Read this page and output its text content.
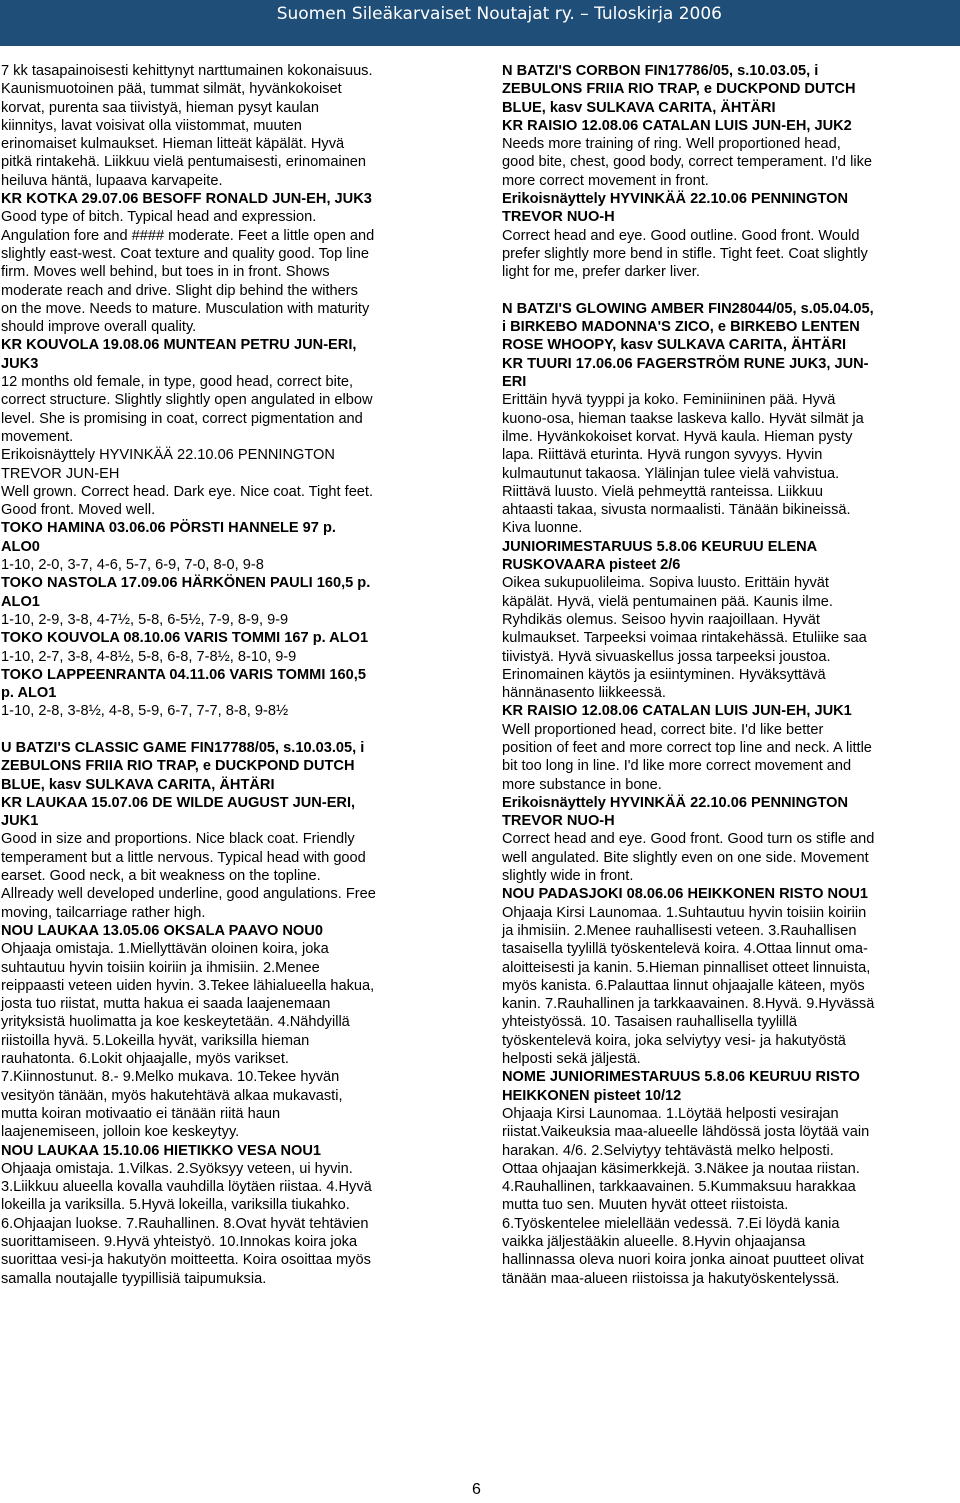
Suomen Sileäkarvaiset Noutajat ry. – Tuloskirja 2006

7 kk tasapainoisesti kehittynyt narttumainen kokonaisuus.

Kaunismuotoinen pää, tummat silmät, hyvänkokoiset

korvat, purenta saa tiivistyä, hieman pysyt kaulan

kiinnitys, lavat voisivat olla viistommat, muuten

erinomaiset kulmaukset. Hieman litteät käpälät. Hyvä

pitkä rintakehä. Liikkuu vielä pentumaisesti, erinomainen

heiluva häntä, lupaava karvapeite.

KR KOTKA 29.07.06 BESOFF RONALD JUN-EH, JUK3

Good type of bitch. Typical head and expression.

Angulation fore and #### moderate. Feet a little open and

slightly east-west. Coat texture and quality good. Top line

firm. Moves well behind, but toes in in front. Shows

moderate reach and drive. Slight dip behind the withers

on the move. Needs to mature. Musculation with maturity

should improve overall quality.

KR KOUVOLA 19.08.06 MUNTEAN PETRU JUN-ERI,

JUK3

12 months old female, in type, good head, correct bite,

correct structure. Slightly slightly open angulated in elbow

level. She is promising in coat, correct pigmentation and

movement.

Erikoisnäyttely HYVINKÄÄ 22.10.06 PENNINGTON

TREVOR JUN-EH

Well grown. Correct head. Dark eye. Nice coat. Tight feet.

Good front. Moved well.

TOKO HAMINA 03.06.06 PÖRSTI HANNELE 97 p.

ALO0

1-10, 2-0, 3-7, 4-6, 5-7, 6-9, 7-0, 8-0, 9-8

TOKO NASTOLA 17.09.06 HÄRKÖNEN PAULI 160,5 p.

ALO1

1-10, 2-9, 3-8, 4-7½, 5-8, 6-5½, 7-9, 8-9, 9-9

TOKO KOUVOLA 08.10.06 VARIS TOMMI 167 p. ALO1

1-10, 2-7, 3-8, 4-8½, 5-8, 6-8, 7-8½, 8-10, 9-9

TOKO LAPPEENRANTA 04.11.06 VARIS TOMMI 160,5

p. ALO1

1-10, 2-8, 3-8½, 4-8, 5-9, 6-7, 7-7, 8-8, 9-8½

U BATZI'S CLASSIC GAME FIN17788/05, s.10.03.05, i

ZEBULONS FRIIA RIO TRAP, e DUCKPOND DUTCH

BLUE, kasv SULKAVA CARITA, ÄHTÄRI

KR LAUKAA 15.07.06 DE WILDE AUGUST JUN-ERI,

JUK1

Good in size and proportions. Nice black coat. Friendly

temperament but a little nervous. Typical head with good

earset. Good neck, a bit weakness on the topline.

Allready well developed underline, good angulations. Free

moving, tailcarriage rather high.

NOU LAUKAA 13.05.06 OKSALA PAAVO NOU0

Ohjaaja omistaja. 1.Miellyttävän oloinen koira, joka

suhtautuu hyvin toisiin koiriin ja ihmisiin. 2.Menee

reippaasti veteen uiden hyvin. 3.Tekee lähialueella hakua,

josta tuo riistat, mutta hakua ei saada laajenemaan

yrityksistä huolimatta ja koe keskeytetään. 4.Nähdyillä

riistoilla hyvä. 5.Lokeilla hyvät, variksilla hieman

rauhatonta. 6.Lokit ohjaajalle, myös varikset.

7.Kiinnostunut. 8.- 9.Melko mukava. 10.Tekee hyvän

vesityön tänään, myös hakutehtävä alkaa mukavasti,

mutta koiran motivaatio ei tänään riitä haun

laajenemiseen, jolloin koe keskeytyy.

NOU LAUKAA 15.10.06 HIETIKKO VESA NOU1

Ohjaaja omistaja. 1.Vilkas. 2.Syöksyy veteen, ui hyvin.

3.Liikkuu alueella kovalla vauhdilla löytäen riistaa. 4.Hyvä

lokeilla ja variksilla. 5.Hyvä lokeilla, variksilla tiukahko.

6.Ohjaajan luokse. 7.Rauhallinen. 8.Ovat hyvät tehtävien

suorittamiseen. 9.Hyvä yhteistyö. 10.Innokas koira joka

suorittaa vesi-ja hakutyön moitteetta. Koira osoittaa myös

samalla noutajalle tyypillisiä taipumuksia.

N BATZI'S CORBON FIN17786/05, s.10.03.05, i

ZEBULONS FRIIA RIO TRAP, e DUCKPOND DUTCH

BLUE, kasv SULKAVA CARITA, ÄHTÄRI

KR RAISIO 12.08.06 CATALAN LUIS JUN-EH, JUK2

Needs more training of ring. Well proportioned head,

good bite, chest, good body, correct temperament. I'd like

more correct movement in front.

Erikoisnäyttely HYVINKÄÄ 22.10.06 PENNINGTON

TREVOR NUO-H

Correct head and eye. Good outline. Good front. Would

prefer slightly more bend in stifle. Tight feet. Coat slightly

light for me, prefer darker liver.

N BATZI'S GLOWING AMBER FIN28044/05, s.05.04.05,

i BIRKEBO MADONNA'S ZICO, e BIRKEBO LENTEN

ROSE WHOOPY, kasv SULKAVA CARITA, ÄHTÄRI

KR TUURI 17.06.06 FAGERSTRÖM RUNE JUK3, JUN-

ERI

Erittäin hyvä tyyppi ja koko. Feminiininen pää. Hyvä

kuono-osa, hieman taakse laskeva kallo. Hyvät silmät ja

ilme. Hyvänkokoiset korvat. Hyvä kaula. Hieman pysty

lapa. Riittävä eturinta. Hyvä rungon syvyys. Hyvin

kulmautunut takaosa. Ylälinjan tulee vielä vahvistua.

Riittävä luusto. Vielä pehmeyttä ranteissa. Liikkuu

ahtaasti takaa, sivusta normaalisti. Tänään bikineissä.

Kiva luonne.

JUNIORIMESTARUUS 5.8.06 KEURUU ELENA

RUSKOVAARA pisteet 2/6

Oikea sukupuolileima. Sopiva luusto. Erittäin hyvät

käpälät. Hyvä, vielä pentumainen pää. Kaunis ilme.

Ryhdikäs olemus. Seisoo hyvin raajoillaan. Hyvät

kulmaukset. Tarpeeksi voimaa rintakehässä. Etuliike saa

tiivistyä. Hyvä sivuaskellus jossa tarpeeksi joustoa.

Erinomainen käytös ja esiintyminen. Hyväksyttävä

hännänasento liikkeessä.

KR RAISIO 12.08.06 CATALAN LUIS JUN-EH, JUK1

Well proportioned head, correct bite. I'd like better

position of feet and more correct top line and neck. A little

bit too long in line. I'd like more correct movement and

more substance in bone.

Erikoisnäyttely HYVINKÄÄ 22.10.06 PENNINGTON

TREVOR NUO-H

Correct head and eye. Good front. Good turn os stifle and

well angulated. Bite slightly even on one side. Movement

slightly wide in front.

NOU PADASJOKI 08.06.06 HEIKKONEN RISTO NOU1

Ohjaaja Kirsi Launomaa. 1.Suhtautuu hyvin toisiin koiriin

ja ihmisiin. 2.Menee rauhallisesti veteen. 3.Rauhallisen

tasaisella tyylillä työskentelevä koira. 4.Ottaa linnut oma-

aloitteisesti ja kanin. 5.Hieman pinnalliset otteet linnuista,

myös kanista. 6.Palauttaa linnut ohjaajalle käteen, myös

kanin. 7.Rauhallinen ja tarkkaavainen. 8.Hyvä. 9.Hyvässä

yhteistyössä. 10. Tasaisen rauhallisella tyylillä

työskentelevä koira, joka selviytyy vesi- ja hakutyöstä

helposti sekä jäljestä.

NOME JUNIORIMESTARUUS 5.8.06 KEURUU RISTO

HEIKKONEN pisteet 10/12

Ohjaaja Kirsi Launomaa. 1.Löytää helposti vesirajan

riistat.Vaikeuksia maa-alueelle lähdössä josta löytää vain

harakan. 4/6. 2.Selviytyy tehtävästä melko helposti.

Ottaa ohjaajan käsimerkkejä. 3.Näkee ja noutaa riistan.

4.Rauhallinen, tarkkaavainen. 5.Kummaksuu harakkaa

mutta tuo sen. Muuten hyvät otteet riistoista.

6.Työskentelee mielellään vedessä. 7.Ei löydä kania

vaikka jäljestääkin alueelle. 8.Hyvin ohjaajansa

hallinnassa oleva nuori koira jonka ainoat puutteet olivat

tänään maa-alueen riistoissa ja hakutyöskentelyssä.

6
